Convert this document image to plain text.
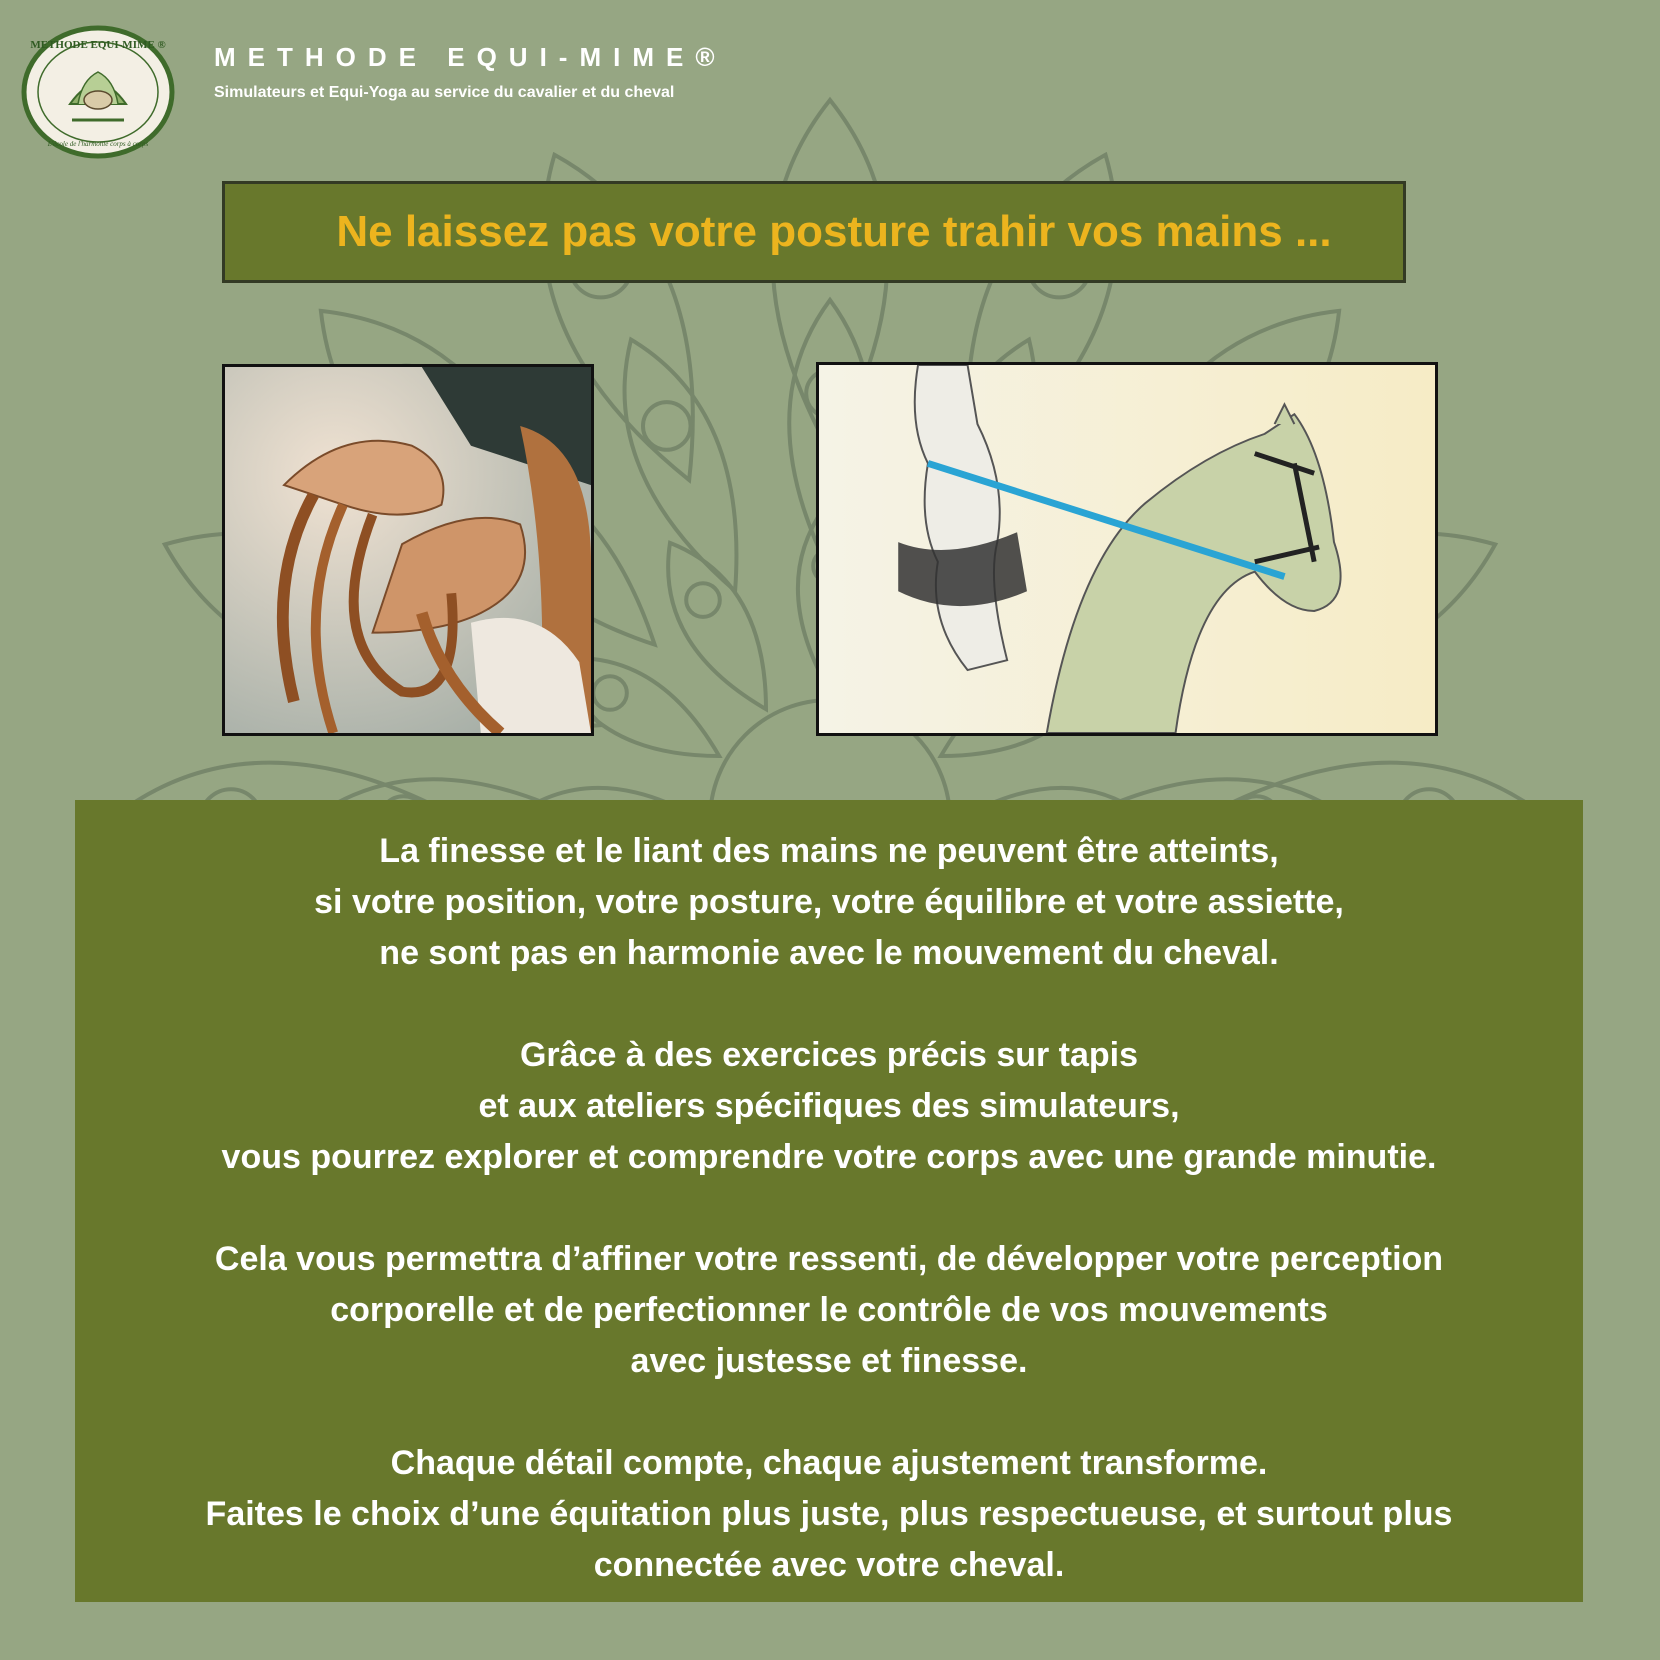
METHODE EQUI-MIME ®
L'école de l'harmonie corps à corps
METHODE EQUI-MIME®
Simulateurs et Equi-Yoga au service du cavalier et du cheval
Ne laissez pas votre posture trahir vos mains ...

La finesse et le liant des mains ne peuvent être atteints,
si votre position, votre posture, votre équilibre et votre assiette,
ne sont pas en harmonie avec le mouvement du cheval.

Grâce à des exercices précis sur tapis
et aux ateliers spécifiques des simulateurs,
vous pourrez explorer et comprendre votre corps avec une grande minutie.

Cela vous permettra d’affiner votre ressenti, de développer votre perception
corporelle et de perfectionner le contrôle de vos mouvements
avec justesse et finesse.

Chaque détail compte, chaque ajustement transforme.
Faites le choix d’une équitation plus juste, plus respectueuse, et surtout plus
connectée avec votre cheval.
